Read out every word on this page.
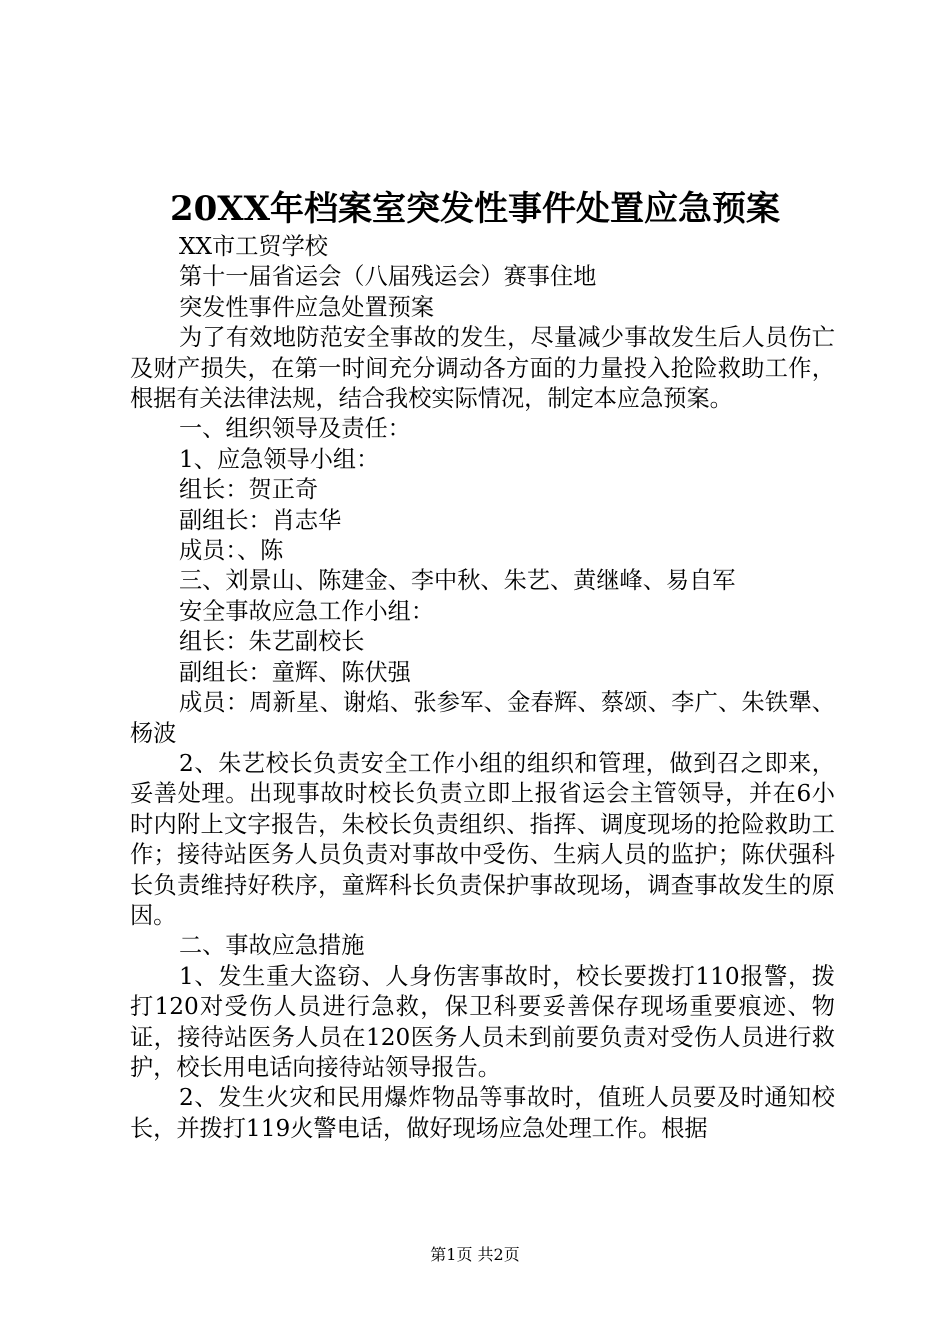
20XX年档案室突发性事件处置应急预案
XX市工贸学校
第十一届省运会（八届残运会）赛事住地
突发性事件应急处置预案

为了有效地防范安全事故的发生，尽量减少事故发生后人员伤亡及财产损失，在第一时间充分调动各方面的力量投入抢险救助工作，根据有关法律法规，结合我校实际情况，制定本应急预案。

一、组织领导及责任：
1、应急领导小组：
组长：贺正奇
副组长：肖志华
成员：、陈
三、刘景山、陈建金、李中秋、朱艺、黄继峰、易自军
安全事故应急工作小组：
组长：朱艺副校长
副组长：童辉、陈伏强

成员：周新星、谢焰、张参军、金春辉、蔡颂、李广、朱铁犟、杨波

2、朱艺校长负责安全工作小组的组织和管理，做到召之即来，妥善处理。出现事故时校长负责立即上报省运会主管领导，并在6小时内附上文字报告，朱校长负责组织、指挥、调度现场的抢险救助工作；接待站医务人员负责对事故中受伤、生病人员的监护；陈伏强科长负责维持好秩序，童辉科长负责保护事故现场，调查事故发生的原因。

二、事故应急措施

1、发生重大盗窃、人身伤害事故时，校长要拨打110报警，拨打120对受伤人员进行急救，保卫科要妥善保存现场重要痕迹、物证，接待站医务人员在120医务人员未到前要负责对受伤人员进行救护，校长用电话向接待站领导报告。

2、发生火灾和民用爆炸物品等事故时，值班人员要及时通知校长，并拨打119火警电话，做好现场应急处理工作。根据

第1页 共2页
